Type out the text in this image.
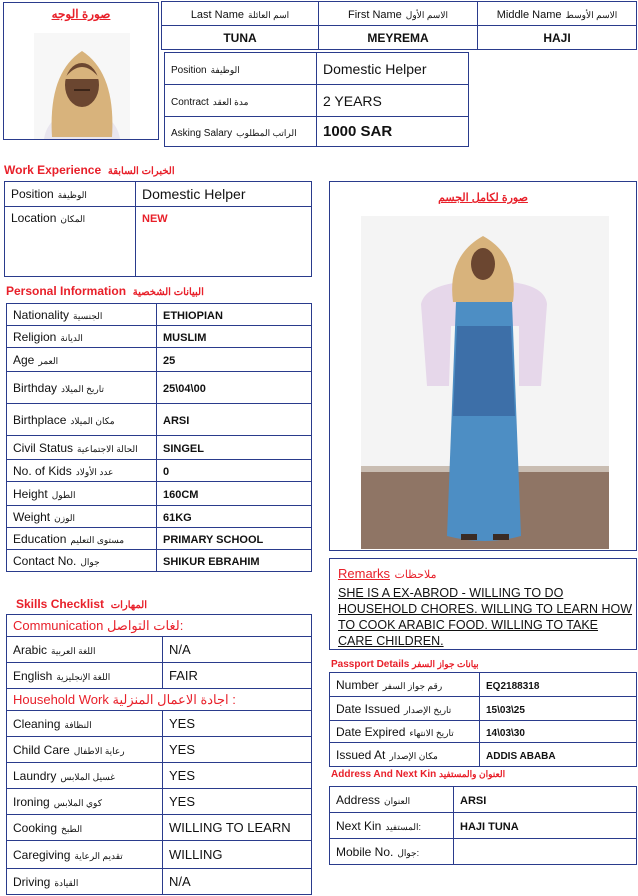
صورة الوجه	Last Name اسم العائلة	First Name الاسم الأول	Middle Name الاسم الأوسط
TUNA	MEYREMA	HAJI
Position الوظيفة	Domestic Helper
Contract مدة العقد	2 YEARS
Asking Salary الراتب المطلوب	1000 SAR
Work Experience الخبرات السابقة
Position الوظيفة	Domestic Helper
Location المكان	NEW
صورة لكامل الجسم
Personal Information البيانات الشخصية
Nationality الجنسية	ETHIOPIAN
Religion الديانة	MUSLIM
Age العمر	25
Birthday تاريخ الميلاد	25\04\00
Birthplace مكان الميلاد	ARSI
Civil Status الحالة الاجتماعية	SINGEL
No. of Kids عدد الأولاد	0
Height الطول	160CM
Weight الوزن	61KG
Education مستوى التعليم	PRIMARY SCHOOL
Contact No. جوال	SHIKUR EBRAHIM
Remarks ملاحظات
SHE IS A EX-ABROD - WILLING TO DO HOUSEHOLD CHORES. WILLING TO LEARN HOW TO COOK ARABIC FOOD. WILLING TO TAKE CARE CHILDREN.
Skills Checklist المهارات
Communication لغات التواصل:	
Arabic اللغة العربية	N/A
English اللغة الإنجليزية	FAIR
Household Work اجادة الاعمال المنزلية :	
Cleaning النظافة	YES
Child Care رعاية الاطفال	YES
Laundry غسيل الملابس	YES
Ironing كوي الملابس	YES
Cooking الطبخ	WILLING TO LEARN
Caregiving تقديم الرعاية	WILLING
Driving القيادة	N/A
Passport Details بيانات جواز السفر
Number رقم جواز السفر	EQ2188318
Date Issued تاريخ الإصدار	15\03\25
Date Expired تاريخ الانتهاء	14\03\30
Issued At مكان الإصدار	ADDIS ABABA
Address And Next Kin العنوان والمستفيد
Address العنوان	ARSI
Next Kin المستفيد:	HAJI TUNA
Mobile No. جوال:	
